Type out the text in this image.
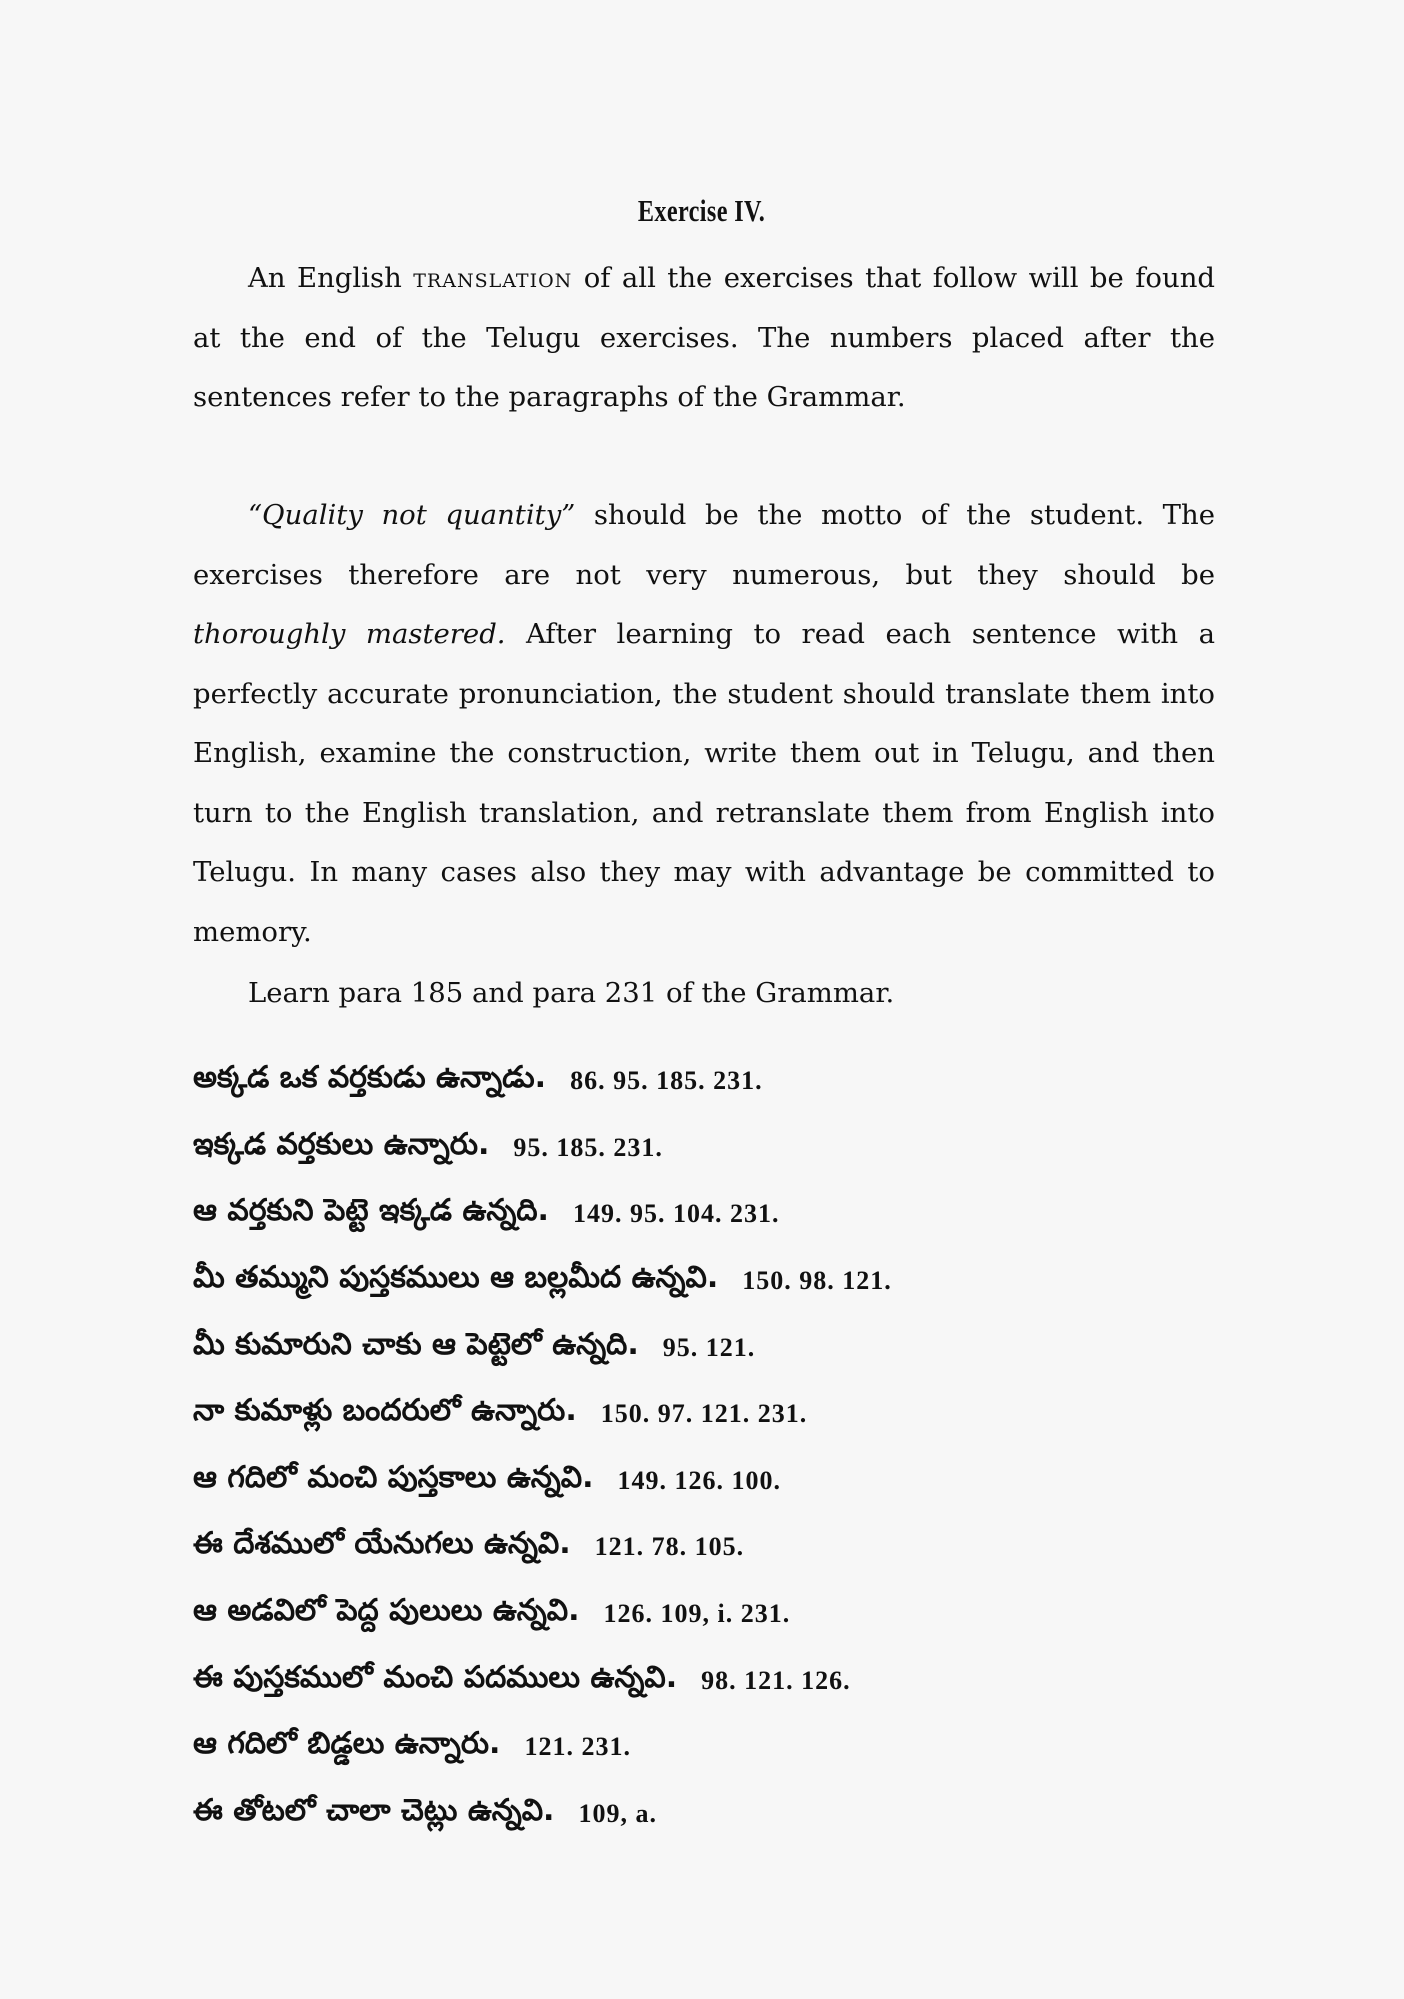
Exercise IV.

An English translation of all the exercises that follow will be found at the end of the Telugu exercises. The numbers placed after the sentences refer to the paragraphs of the Grammar.

“Quality not quantity” should be the motto of the student. The exercises therefore are not very numerous, but they should be thoroughly mastered. After learning to read each sentence with a perfectly accurate pronunciation, the student should translate them into English, examine the construction, write them out in Telugu, and then turn to the English translation, and retranslate them from English into Telugu. In many cases also they may with advantage be committed to memory.

Learn para 185 and para 231 of the Grammar.

అక్కడ ఒక వర్తకుడు ఉన్నాడు. 86. 95. 185. 231.
ఇక్కడ వర్తకులు ఉన్నారు. 95. 185. 231.
ఆ వర్తకుని పెట్టె ఇక్కడ ఉన్నది. 149. 95. 104. 231.
మీ తమ్ముని పుస్తకములు ఆ బల్లమీద ఉన్నవి. 150. 98. 121.
మీ కుమారుని చాకు ఆ పెట్టెలో ఉన్నది. 95. 121.
నా కుమాళ్లు బందరులో ఉన్నారు. 150. 97. 121. 231.
ఆ గదిలో మంచి పుస్తకాలు ఉన్నవి. 149. 126. 100.
ఈ దేశములో యేనుగలు ఉన్నవి. 121. 78. 105.
ఆ అడవిలో పెద్ద పులులు ఉన్నవి. 126. 109, i. 231.
ఈ పుస్తకములో మంచి పదములు ఉన్నవి. 98. 121. 126.
ఆ గదిలో బిడ్డలు ఉన్నారు. 121. 231.
ఈ తోటలో చాలా చెట్లు ఉన్నవి. 109, a.
